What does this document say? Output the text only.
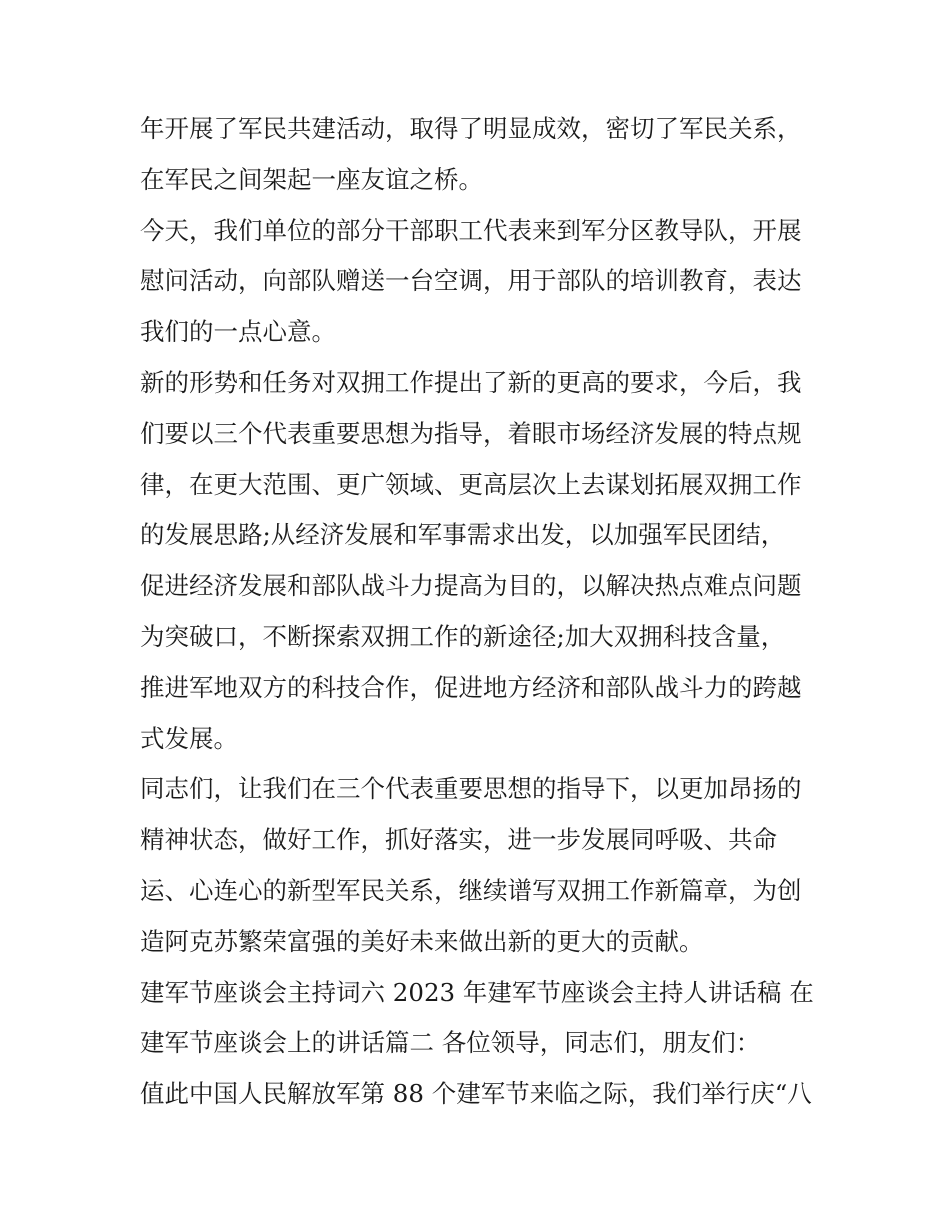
年开展了军民共建活动，取得了明显成效，密切了军民关系，
在军民之间架起一座友谊之桥。
今天，我们单位的部分干部职工代表来到军分区教导队，开展
慰问活动，向部队赠送一台空调，用于部队的培训教育，表达
我们的一点心意。
新的形势和任务对双拥工作提出了新的更高的要求，今后，我
们要以三个代表重要思想为指导，着眼市场经济发展的特点规
律，在更大范围、更广领域、更高层次上去谋划拓展双拥工作
的发展思路;从经济发展和军事需求出发，以加强军民团结，
促进经济发展和部队战斗力提高为目的，以解决热点难点问题
为突破口，不断探索双拥工作的新途径;加大双拥科技含量，
推进军地双方的科技合作，促进地方经济和部队战斗力的跨越
式发展。
同志们，让我们在三个代表重要思想的指导下，以更加昂扬的
精神状态，做好工作，抓好落实，进一步发展同呼吸、共命
运、心连心的新型军民关系，继续谱写双拥工作新篇章，为创
造阿克苏繁荣富强的美好未来做出新的更大的贡献。
建军节座谈会主持词六 2023 年建军节座谈会主持人讲话稿 在
建军节座谈会上的讲话篇二 各位领导，同志们，朋友们：
值此中国人民解放军第 88 个建军节来临之际，我们举行庆“八
